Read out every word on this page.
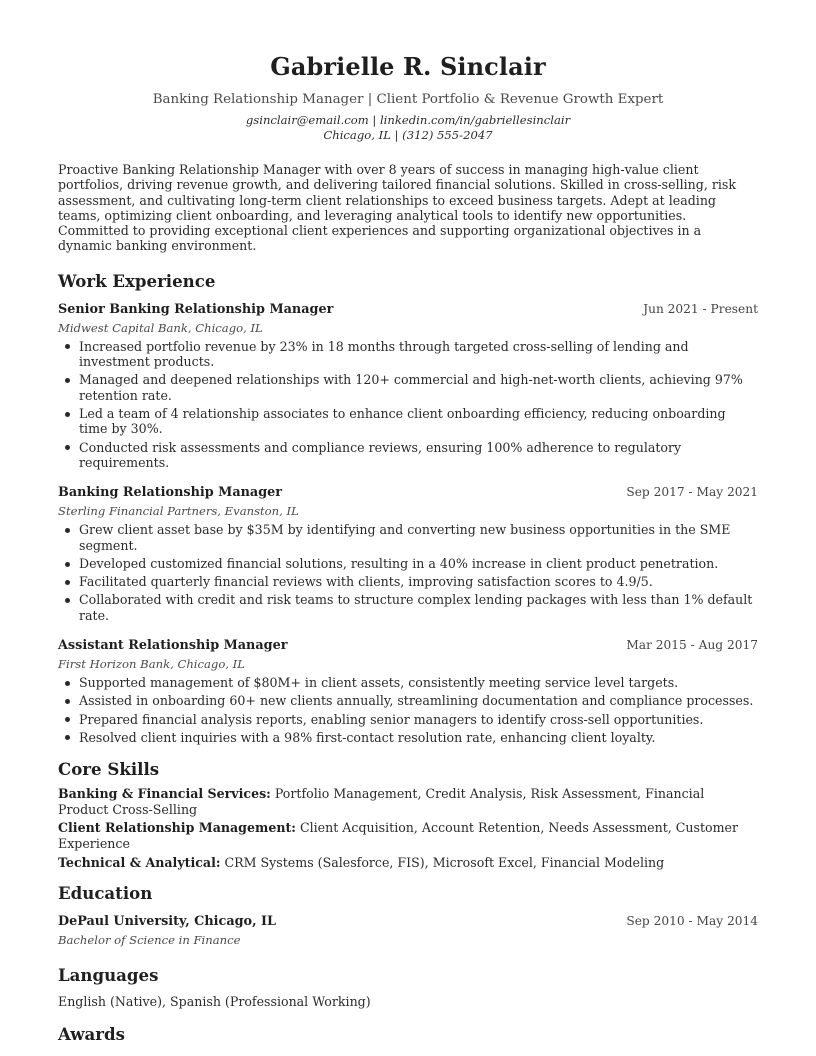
Gabrielle R. Sinclair
Banking Relationship Manager | Client Portfolio & Revenue Growth Expert
gsinclair@email.com | linkedin.com/in/gabriellesinclair
Chicago, IL | (312) 555-2047
Proactive Banking Relationship Manager with over 8 years of success in managing high-value client portfolios, driving revenue growth, and delivering tailored financial solutions. Skilled in cross-selling, risk assessment, and cultivating long-term client relationships to exceed business targets. Adept at leading teams, optimizing client onboarding, and leveraging analytical tools to identify new opportunities. Committed to providing exceptional client experiences and supporting organizational objectives in a dynamic banking environment.
Work Experience
Senior Banking Relationship Manager	Jun 2021 - Present
Midwest Capital Bank, Chicago, IL
Increased portfolio revenue by 23% in 18 months through targeted cross-selling of lending and investment products.
Managed and deepened relationships with 120+ commercial and high-net-worth clients, achieving 97% retention rate.
Led a team of 4 relationship associates to enhance client onboarding efficiency, reducing onboarding time by 30%.
Conducted risk assessments and compliance reviews, ensuring 100% adherence to regulatory requirements.
Banking Relationship Manager	Sep 2017 - May 2021
Sterling Financial Partners, Evanston, IL
Grew client asset base by $35M by identifying and converting new business opportunities in the SME segment.
Developed customized financial solutions, resulting in a 40% increase in client product penetration.
Facilitated quarterly financial reviews with clients, improving satisfaction scores to 4.9/5.
Collaborated with credit and risk teams to structure complex lending packages with less than 1% default rate.
Assistant Relationship Manager	Mar 2015 - Aug 2017
First Horizon Bank, Chicago, IL
Supported management of $80M+ in client assets, consistently meeting service level targets.
Assisted in onboarding 60+ new clients annually, streamlining documentation and compliance processes.
Prepared financial analysis reports, enabling senior managers to identify cross-sell opportunities.
Resolved client inquiries with a 98% first-contact resolution rate, enhancing client loyalty.
Core Skills
Banking & Financial Services: Portfolio Management, Credit Analysis, Risk Assessment, Financial Product Cross-Selling
Client Relationship Management: Client Acquisition, Account Retention, Needs Assessment, Customer Experience
Technical & Analytical: CRM Systems (Salesforce, FIS), Microsoft Excel, Financial Modeling
Education
DePaul University, Chicago, IL	Sep 2010 - May 2014
Bachelor of Science in Finance
Languages
English (Native), Spanish (Professional Working)
Awards
